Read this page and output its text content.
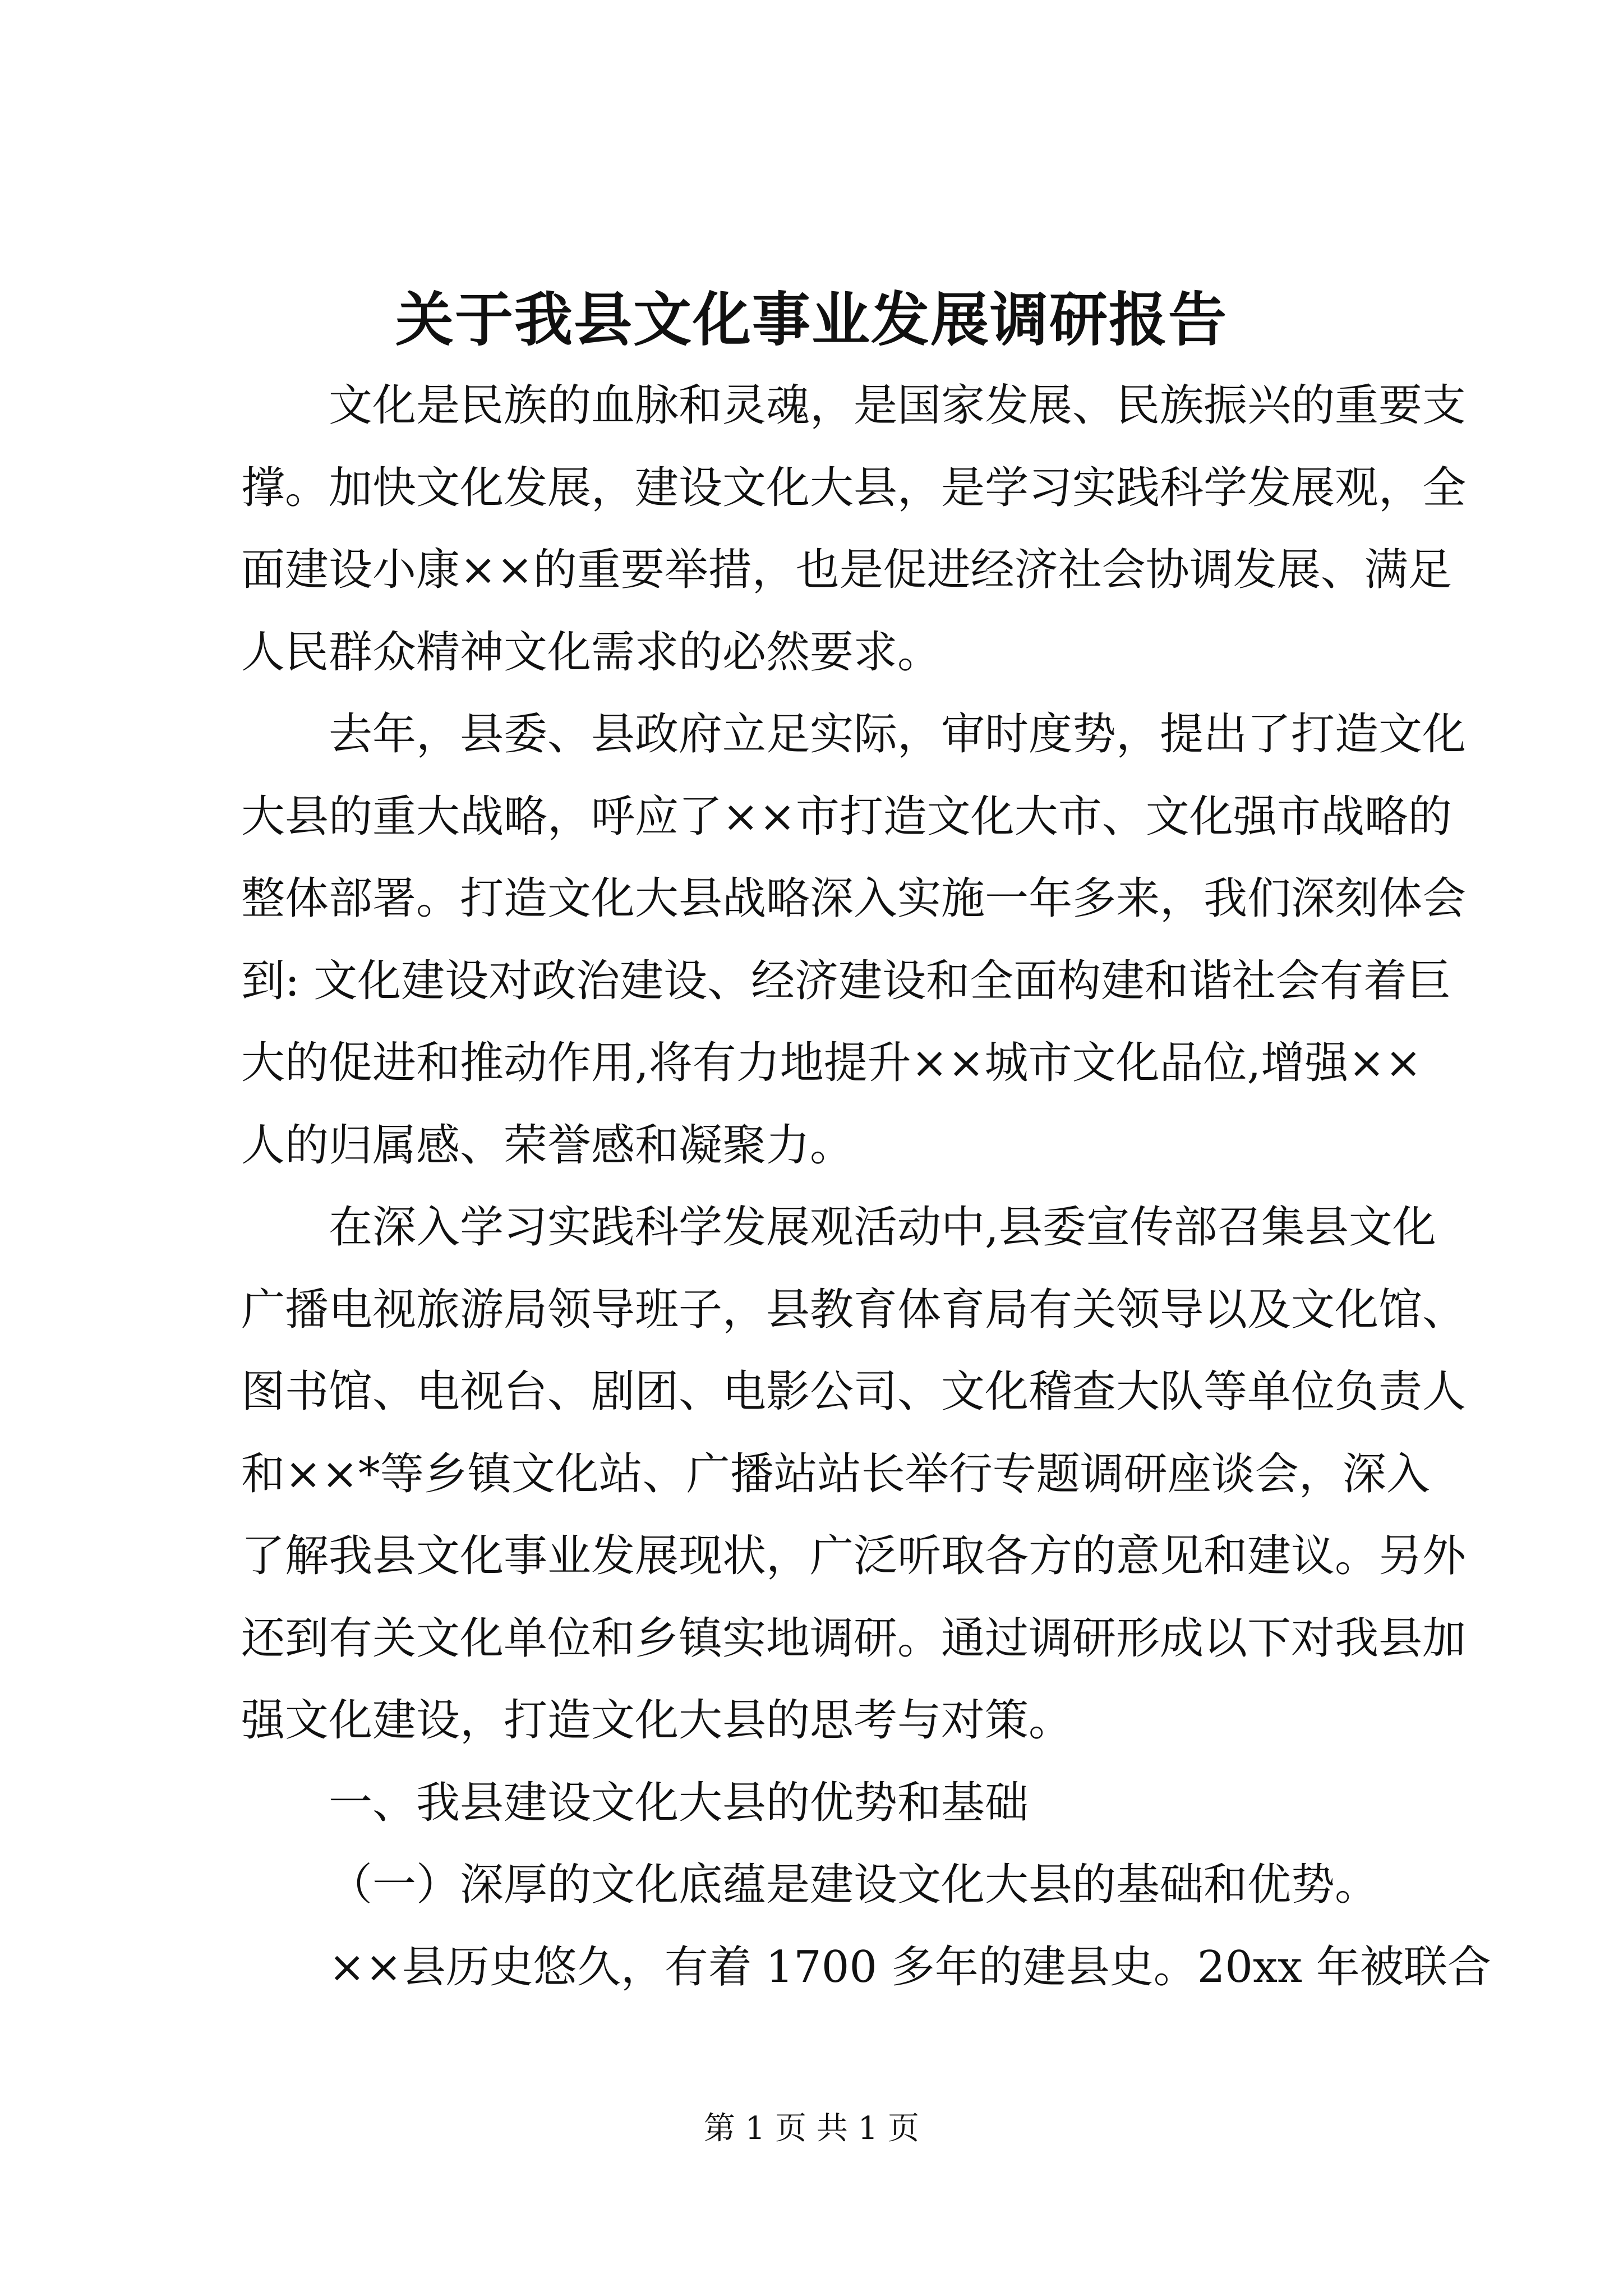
关于我县文化事业发展调研报告
文化是民族的血脉和灵魂，是国家发展、民族振兴的重要支
撑。加快文化发展，建设文化大县，是学习实践科学发展观，全
面建设小康××的重要举措，也是促进经济社会协调发展、满足
人民群众精神文化需求的必然要求。
去年，县委、县政府立足实际，审时度势，提出了打造文化
大县的重大战略，呼应了××市打造文化大市、文化强市战略的
整体部署。打造文化大县战略深入实施一年多来，我们深刻体会
到: 文化建设对政治建设、经济建设和全面构建和谐社会有着巨
大的促进和推动作用,将有力地提升××城市文化品位,增强××
人的归属感、荣誉感和凝聚力。
在深入学习实践科学发展观活动中,县委宣传部召集县文化
广播电视旅游局领导班子，县教育体育局有关领导以及文化馆、
图书馆、电视台、剧团、电影公司、文化稽查大队等单位负责人
和××*等乡镇文化站、广播站站长举行专题调研座谈会，深入
了解我县文化事业发展现状，广泛听取各方的意见和建议。另外
还到有关文化单位和乡镇实地调研。通过调研形成以下对我县加
强文化建设，打造文化大县的思考与对策。
一、我县建设文化大县的优势和基础
（一）深厚的文化底蕴是建设文化大县的基础和优势。
××县历史悠久，有着 1700 多年的建县史。20xx 年被联合
第 1 页 共 1 页
